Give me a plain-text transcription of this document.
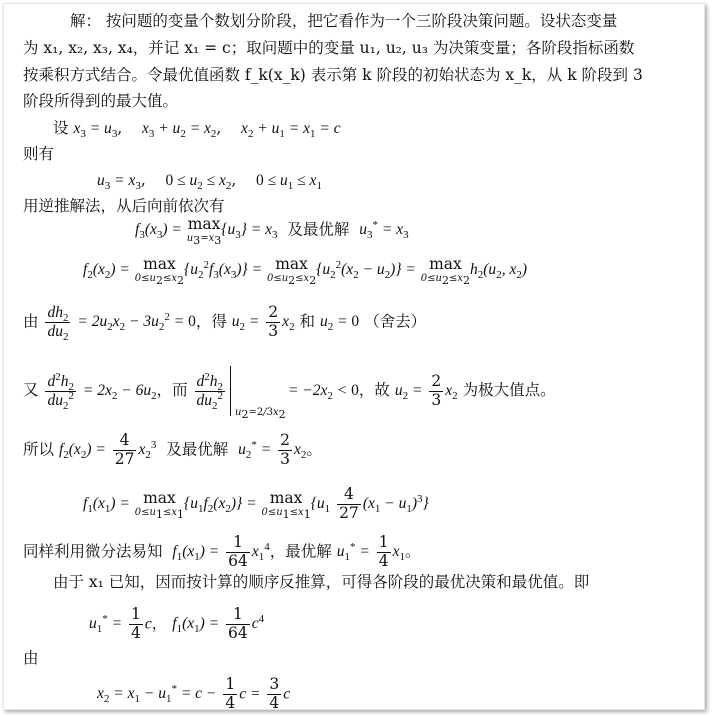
解： 按问题的变量个数划分阶段，把它看作为一个三阶段决策问题。设状态变量
为 x₁, x₂, x₃, x₄，并记 x₁ = c；取问题中的变量 u₁, u₂, u₃ 为决策变量；各阶段指标函数
按乘积方式结合。令最优值函数 f_k(x_k) 表示第 k 阶段的初始状态为 x_k，从 k 阶段到 3
阶段所得到的最大值。
设 $x_3 = u_3$,    $x_3 + u_2 = x_2$,    $x_2 + u_1 = x_1 = c$
则有
$u_3 = x_3$,    $0 \le u_2 \le x_2$,    $0 \le u_1 \le x_1$
用逆推解法，从后向前依次有
$f_3(x_3) = \max$
$u_3=x_3$
$\{u_3\} = x_3$ 及最优解 $u_3^* = x_3$
$f_2(x_2) = \max$
$0\le u_2\le x_2$
$\{u_2^2f_3(x_3)\} = \max$
$0\le u_2\le x_2$
$\{u_2^2(x_2 - u_2)\} = \max$
$0\le u_2\le x_2$
$h_2(u_2$, $x_2$)
由 $\frac{dh_2}{du_2} = 2u_2x_2 - 3u_2^2 = 0$，得 $u_2 = \frac{2}{3} x_2$ 和 $u_2 = 0$ （舍去）
又 $\frac{d^2h_2}{du_2^2} = 2x_2 - 6u_2$，而 $\frac{d^2h_2}{du_2^2}$
$u_2=2/3x_2$
= $-2x_2 < 0$，故 $u_2 = \frac{2}{3} x_2$ 为极大值点。
所以 $f_2(x_2) = \frac{4}{27} x_2^3$ 及最优解 $u_2^* = \frac{2}{3} x_2$。
$f_1(x_1) = \max$
$0\le u_1\le x_1$
$\{u_1f_2(x_2)\} = \max$
$0\le u_1\le x_1$
$\{u_1 \frac{4}{27} (x_1 - u_1)^3\}$
同样利用微分法易知 $f_1(x_1) = \frac{1}{64} x_1^4$，最优解 $u_1^* = \frac{1}{4} x_1$。
由于 x₁ 已知，因而按计算的顺序反推算，可得各阶段的最优决策和最优值。即
$u_1^* = \frac{1}{4}$ c， $f_1(x_1) = \frac{1}{64} c^4$
由
$x_2 = x_1 - u_1^* = c - \frac{1}{4}$ $c = \frac{3}{4}$ c
